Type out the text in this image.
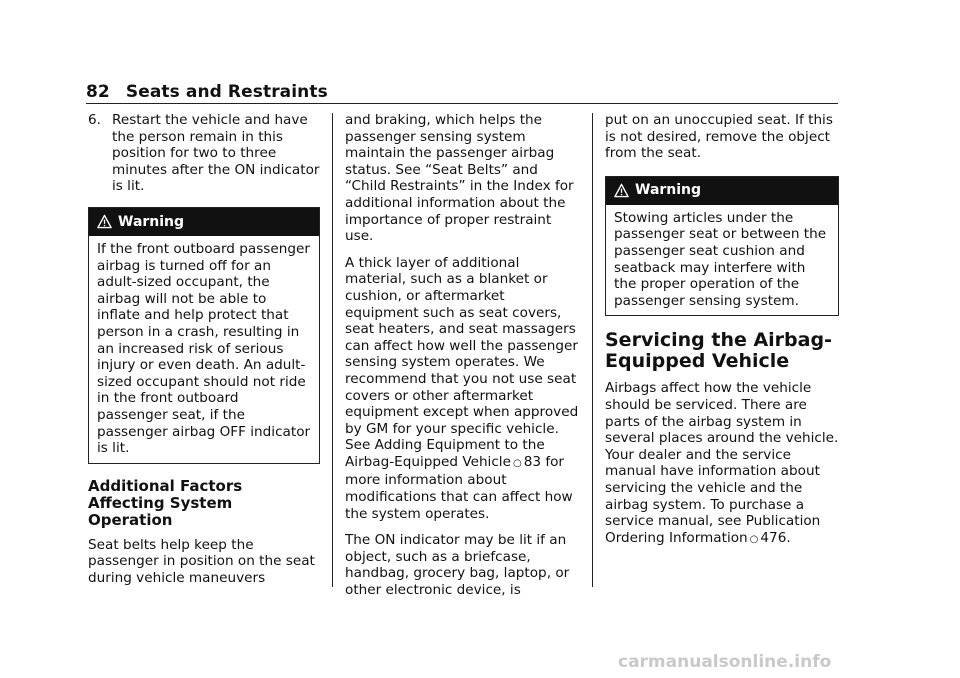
82 Seats and Restraints
6. Restart the vehicle and have the person remain in this position for two to three minutes after the ON indicator is lit.
Warning
If the front outboard passenger airbag is turned off for an adult-sized occupant, the airbag will not be able to inflate and help protect that person in a crash, resulting in an increased risk of serious injury or even death. An adult-sized occupant should not ride in the front outboard passenger seat, if the passenger airbag OFF indicator is lit.
Additional Factors Affecting System Operation

Seat belts help keep the passenger in position on the seat during vehicle maneuvers

and braking, which helps the passenger sensing system maintain the passenger airbag status. See “Seat Belts” and “Child Restraints” in the Index for additional information about the importance of proper restraint use.

A thick layer of additional material, such as a blanket or cushion, or aftermarket equipment such as seat covers, seat heaters, and seat massagers can affect how well the passenger sensing system operates. We recommend that you not use seat covers or other aftermarket equipment except when approved by GM for your specific vehicle. See Adding Equipment to the Airbag-Equipped Vehicle ○ 83 for more information about modifications that can affect how the system operates.

The ON indicator may be lit if an object, such as a briefcase, handbag, grocery bag, laptop, or other electronic device, is

put on an unoccupied seat. If this is not desired, remove the object from the seat.

Warning
Stowing articles under the passenger seat or between the passenger seat cushion and seatback may interfere with the proper operation of the passenger sensing system.
Servicing the Airbag-Equipped Vehicle

Airbags affect how the vehicle should be serviced. There are parts of the airbag system in several places around the vehicle. Your dealer and the service manual have information about servicing the vehicle and the airbag system. To purchase a service manual, see Publication Ordering Information ○ 476.

carmanualsonline.info
